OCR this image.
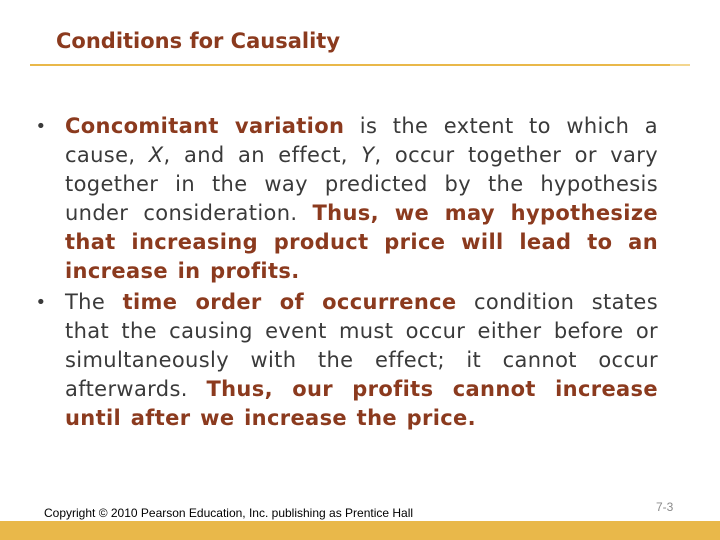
Conditions for Causality
• Concomitant variation is the extent to which a cause, X, and an effect, Y, occur together or vary together in the way predicted by the hypothesis under consideration. Thus, we may hypothesize that increasing product price will lead to an increase in profits.
• The time order of occurrence condition states that the causing event must occur either before or simultaneously with the effect; it cannot occur afterwards. Thus, our profits cannot increase until after we increase the price.
Copyright © 2010 Pearson Education, Inc. publishing as Prentice Hall	7-3
